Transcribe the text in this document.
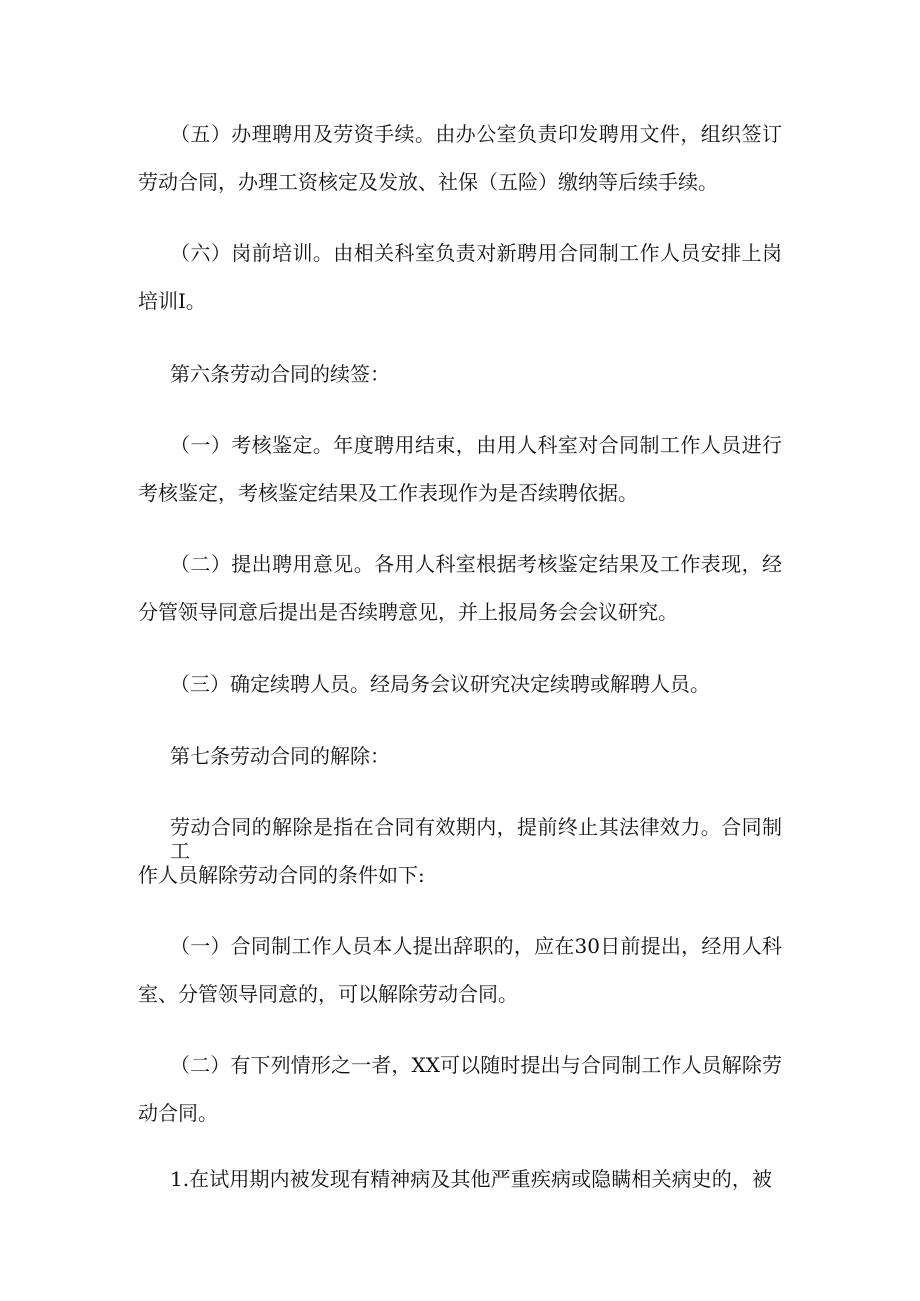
（五）办理聘用及劳资手续。由办公室负责印发聘用文件，组织签订
劳动合同，办理工资核定及发放、社保（五险）缴纳等后续手续。
（六）岗前培训。由相关科室负责对新聘用合同制工作人员安排上岗
培训Ⅰ。
第六条劳动合同的续签：
（一）考核鉴定。年度聘用结束，由用人科室对合同制工作人员进行
考核鉴定，考核鉴定结果及工作表现作为是否续聘依据。
（二）提出聘用意见。各用人科室根据考核鉴定结果及工作表现，经
分管领导同意后提出是否续聘意见，并上报局务会会议研究。
（三）确定续聘人员。经局务会议研究决定续聘或解聘人员。
第七条劳动合同的解除：
劳动合同的解除是指在合同有效期内，提前终止其法律效力。合同制工
作人员解除劳动合同的条件如下:
（一）合同制工作人员本人提出辞职的，应在30日前提出，经用人科
室、分管领导同意的，可以解除劳动合同。
（二）有下列情形之一者，XX可以随时提出与合同制工作人员解除劳
动合同。
1.在试用期内被发现有精神病及其他严重疾病或隐瞒相关病史的，被
